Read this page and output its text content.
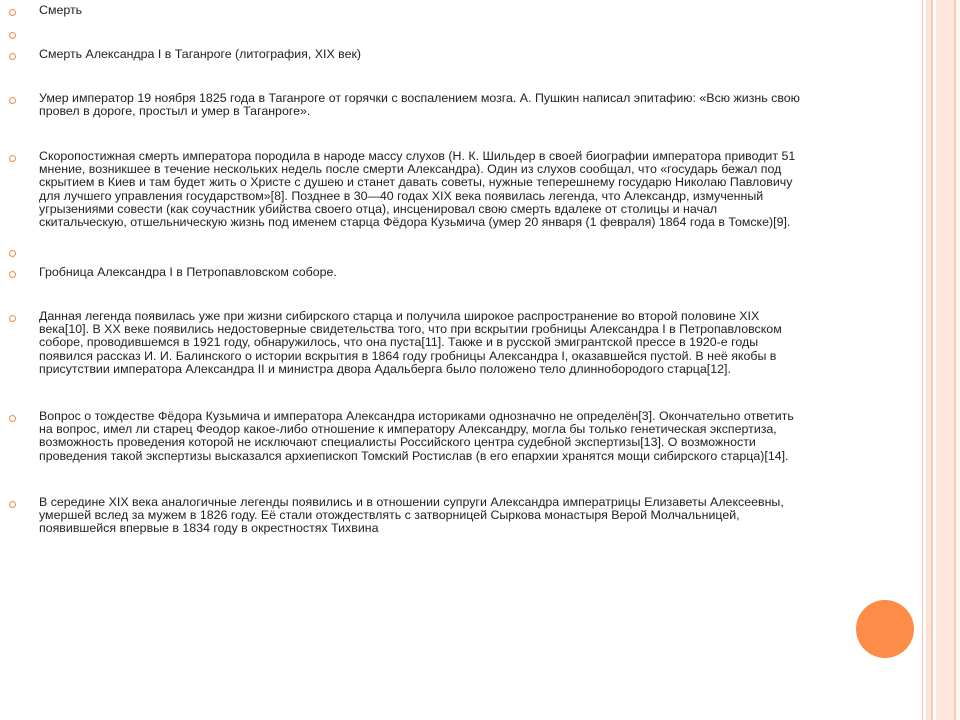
Смерть
Смерть Александра I в Таганроге (литография, XIX век)
Умер император 19 ноября 1825 года в Таганроге от горячки с воспалением мозга. А. Пушкин написал эпитафию: «Всю жизнь свою
провел в дороге, простыл и умер в Таганроге».
Скоропостижная смерть императора породила в народе массу слухов (Н. К. Шильдер в своей биографии императора приводит 51
мнение, возникшее в течение нескольких недель после смерти Александра). Один из слухов сообщал, что «государь бежал под
скрытием в Киев и там будет жить о Христе с душею и станет давать советы, нужные теперешнему государю Николаю Павловичу
для лучшего управления государством»[8]. Позднее в 30—40 годах XIX века появилась легенда, что Александр, измученный
угрызениями совести (как соучастник убийства своего отца), инсценировал свою смерть вдалеке от столицы и начал
скитальческую, отшельническую жизнь под именем старца Фёдора Кузьмича (умер 20 января (1 февраля) 1864 года в Томске)[9].
Гробница Александра I в Петропавловском соборе.
Данная легенда появилась уже при жизни сибирского старца и получила широкое распространение во второй половине XIX
века[10]. В XX веке появились недостоверные свидетельства того, что при вскрытии гробницы Александра I в Петропавловском
соборе, проводившемся в 1921 году, обнаружилось, что она пуста[11]. Также и в русской эмигрантской прессе в 1920-е годы
появился рассказ И. И. Балинского о истории вскрытия в 1864 году гробницы Александра I, оказавшейся пустой. В неё якобы в
присутствии императора Александра II и министра двора Адальберга было положено тело длиннобородого старца[12].
Вопрос о тождестве Фёдора Кузьмича и императора Александра историками однозначно не определён[3]. Окончательно ответить
на вопрос, имел ли старец Феодор какое-либо отношение к императору Александру, могла бы только генетическая экспертиза,
возможность проведения которой не исключают специалисты Российского центра судебной экспертизы[13]. О возможности
проведения такой экспертизы высказался архиепископ Томский Ростислав (в его епархии хранятся мощи сибирского старца)[14].
В середине XIX века аналогичные легенды появились и в отношении супруги Александра императрицы Елизаветы Алексеевны,
умершей вслед за мужем в 1826 году. Её стали отождествлять с затворницей Сыркова монастыря Верой Молчальницей,
появившейся впервые в 1834 году в окрестностях Тихвина
